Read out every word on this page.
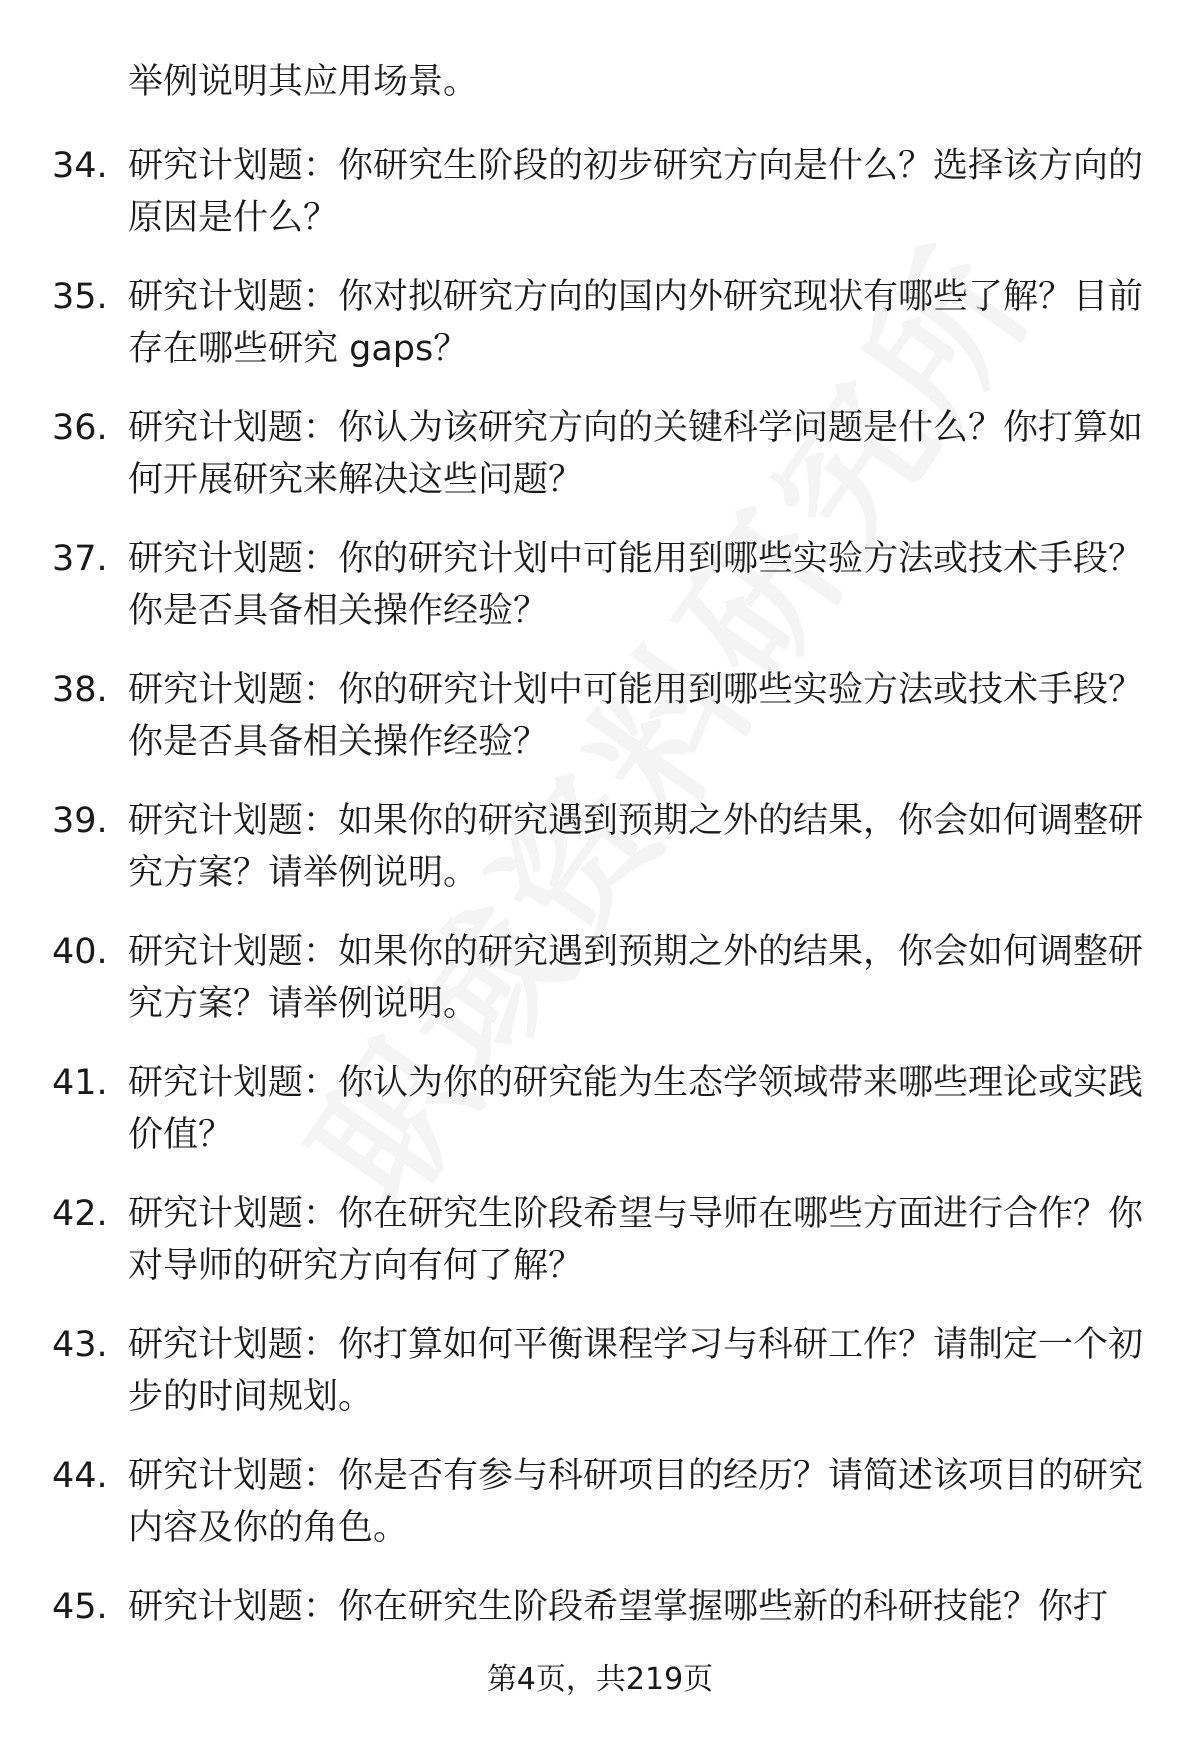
举例说明其应用场景。
34. 研究计划题：你研究生阶段的初步研究方向是什么？选择该方向的原因是什么？
35. 研究计划题：你对拟研究方向的国内外研究现状有哪些了解？目前存在哪些研究 gaps？
36. 研究计划题：你认为该研究方向的关键科学问题是什么？你打算如何开展研究来解决这些问题？
37. 研究计划题：你的研究计划中可能用到哪些实验方法或技术手段？你是否具备相关操作经验？
38. 研究计划题：你的研究计划中可能用到哪些实验方法或技术手段？你是否具备相关操作经验？
39. 研究计划题：如果你的研究遇到预期之外的结果，你会如何调整研究方案？请举例说明。
40. 研究计划题：如果你的研究遇到预期之外的结果，你会如何调整研究方案？请举例说明。
41. 研究计划题：你认为你的研究能为生态学领域带来哪些理论或实践价值？
42. 研究计划题：你在研究生阶段希望与导师在哪些方面进行合作？你对导师的研究方向有何了解？
43. 研究计划题：你打算如何平衡课程学习与科研工作？请制定一个初步的时间规划。
44. 研究计划题：你是否有参与科研项目的经历？请简述该项目的研究内容及你的角色。
45. 研究计划题：你在研究生阶段希望掌握哪些新的科研技能？你打
第4页，共219页
